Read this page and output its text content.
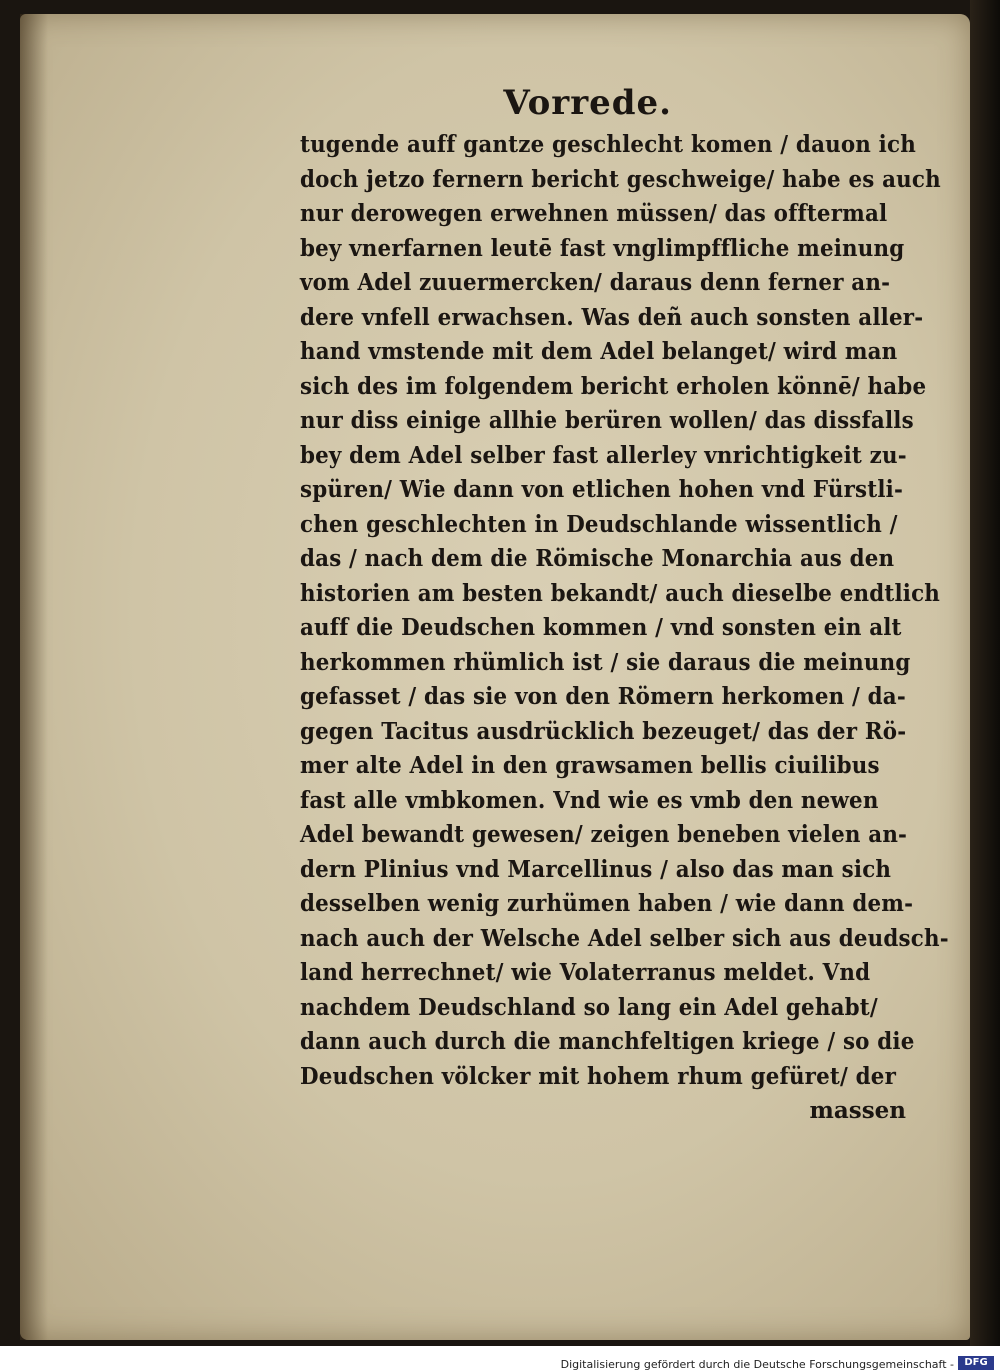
Vorrede.
tugende auff gantze geschlecht komen / dauon ich
doch jetzo fernern bericht geschweige/ habe es auch
nur derowegen erwehnen müssen/ das offtermal
bey vnerfarnen leutē fast vnglimpffliche meinung
vom Adel zuuermercken/ daraus denn ferner an-
dere vnfell erwachsen. Was deñ auch sonsten aller-
hand vmstende mit dem Adel belanget/ wird man
sich des im folgendem bericht erholen könnē/ habe
nur diss einige allhie berüren wollen/ das dissfalls
bey dem Adel selber fast allerley vnrichtigkeit zu-
spüren/ Wie dann von etlichen hohen vnd Fürstli-
chen geschlechten in Deudschlande wissentlich /
das / nach dem die Römische Monarchia aus den
historien am besten bekandt/ auch dieselbe endtlich
auff die Deudschen kommen / vnd sonsten ein alt
herkommen rhümlich ist / sie daraus die meinung
gefasset / das sie von den Römern herkomen / da-
gegen Tacitus ausdrücklich bezeuget/ das der Rö-
mer alte Adel in den grawsamen bellis ciuilibus
fast alle vmbkomen. Vnd wie es vmb den newen
Adel bewandt gewesen/ zeigen beneben vielen an-
dern Plinius vnd Marcellinus / also das man sich
desselben wenig zurhümen haben / wie dann dem-
nach auch der Welsche Adel selber sich aus deudsch-
land herrechnet/ wie Volaterranus meldet. Vnd
nachdem Deudschland so lang ein Adel gehabt/
dann auch durch die manchfeltigen kriege / so die
Deudschen völcker mit hohem rhum gefüret/ der
massen
Digitalisierung gefördert durch die Deutsche Forschungsgemeinschaft -	DFG
